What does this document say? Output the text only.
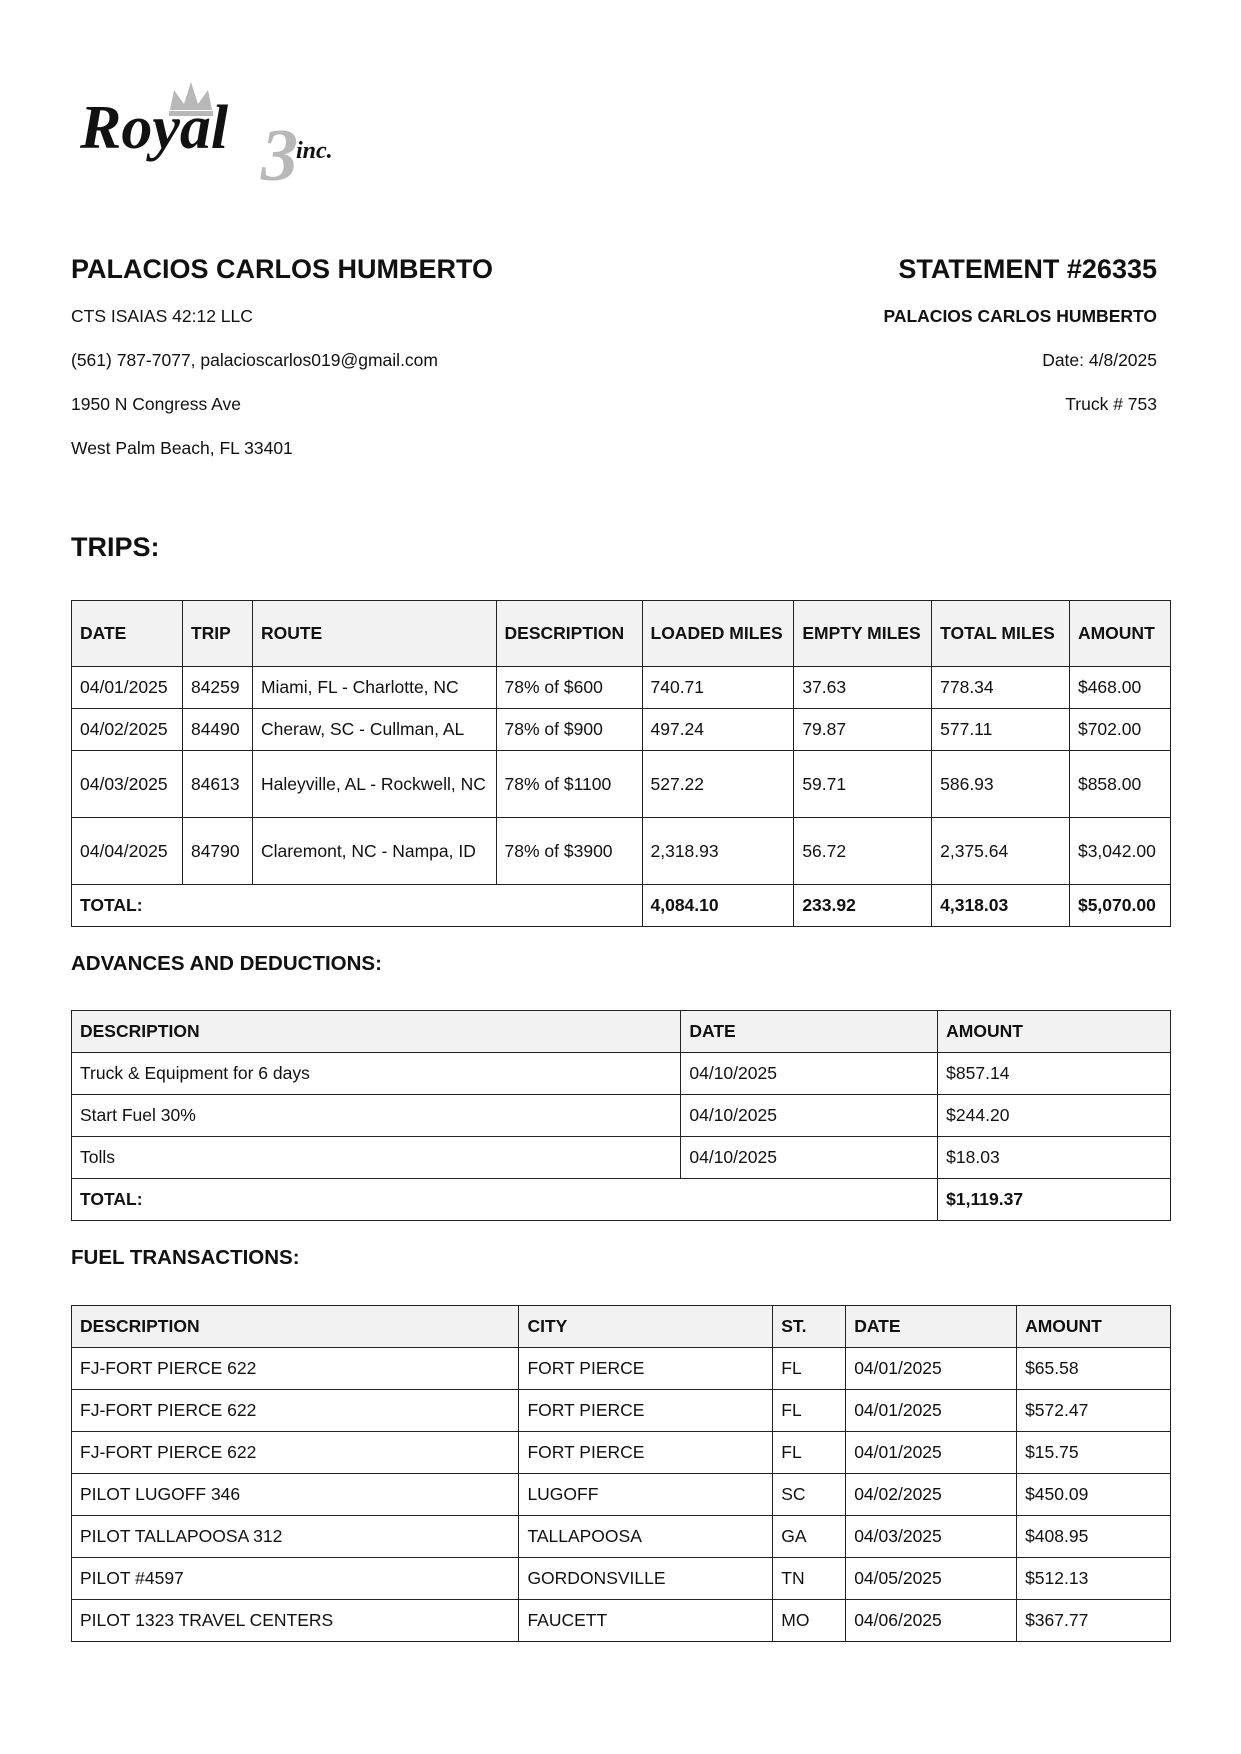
Royal 3
inc.
PALACIOS CARLOS HUMBERTO
CTS ISAIAS 42:12 LLC
(561) 787-7077, palacioscarlos019@gmail.com
1950 N Congress Ave
West Palm Beach, FL 33401
STATEMENT #26335
PALACIOS CARLOS HUMBERTO
Date: 4/8/2025
Truck # 753
TRIPS:
DATE	TRIP	ROUTE	DESCRIPTION	LOADED MILES	EMPTY MILES	TOTAL MILES	AMOUNT
04/01/2025	84259	Miami, FL - Charlotte, NC	78% of $600	740.71	37.63	778.34	$468.00
04/02/2025	84490	Cheraw, SC - Cullman, AL	78% of $900	497.24	79.87	577.11	$702.00
04/03/2025	84613	Haleyville, AL - Rockwell, NC	78% of $1100	527.22	59.71	586.93	$858.00
04/04/2025	84790	Claremont, NC - Nampa, ID	78% of $3900	2,318.93	56.72	2,375.64	$3,042.00
TOTAL:				4,084.10	233.92	4,318.03	$5,070.00
ADVANCES AND DEDUCTIONS:
DESCRIPTION	DATE	AMOUNT
Truck & Equipment for 6 days	04/10/2025	$857.14
Start Fuel 30%	04/10/2025	$244.20
Tolls	04/10/2025	$18.03
TOTAL:		$1,119.37
FUEL TRANSACTIONS:
DESCRIPTION	CITY	ST.	DATE	AMOUNT
FJ-FORT PIERCE 622	FORT PIERCE	FL	04/01/2025	$65.58
FJ-FORT PIERCE 622	FORT PIERCE	FL	04/01/2025	$572.47
FJ-FORT PIERCE 622	FORT PIERCE	FL	04/01/2025	$15.75
PILOT LUGOFF 346	LUGOFF	SC	04/02/2025	$450.09
PILOT TALLAPOOSA 312	TALLAPOOSA	GA	04/03/2025	$408.95
PILOT #4597	GORDONSVILLE	TN	04/05/2025	$512.13
PILOT 1323 TRAVEL CENTERS	FAUCETT	MO	04/06/2025	$367.77
